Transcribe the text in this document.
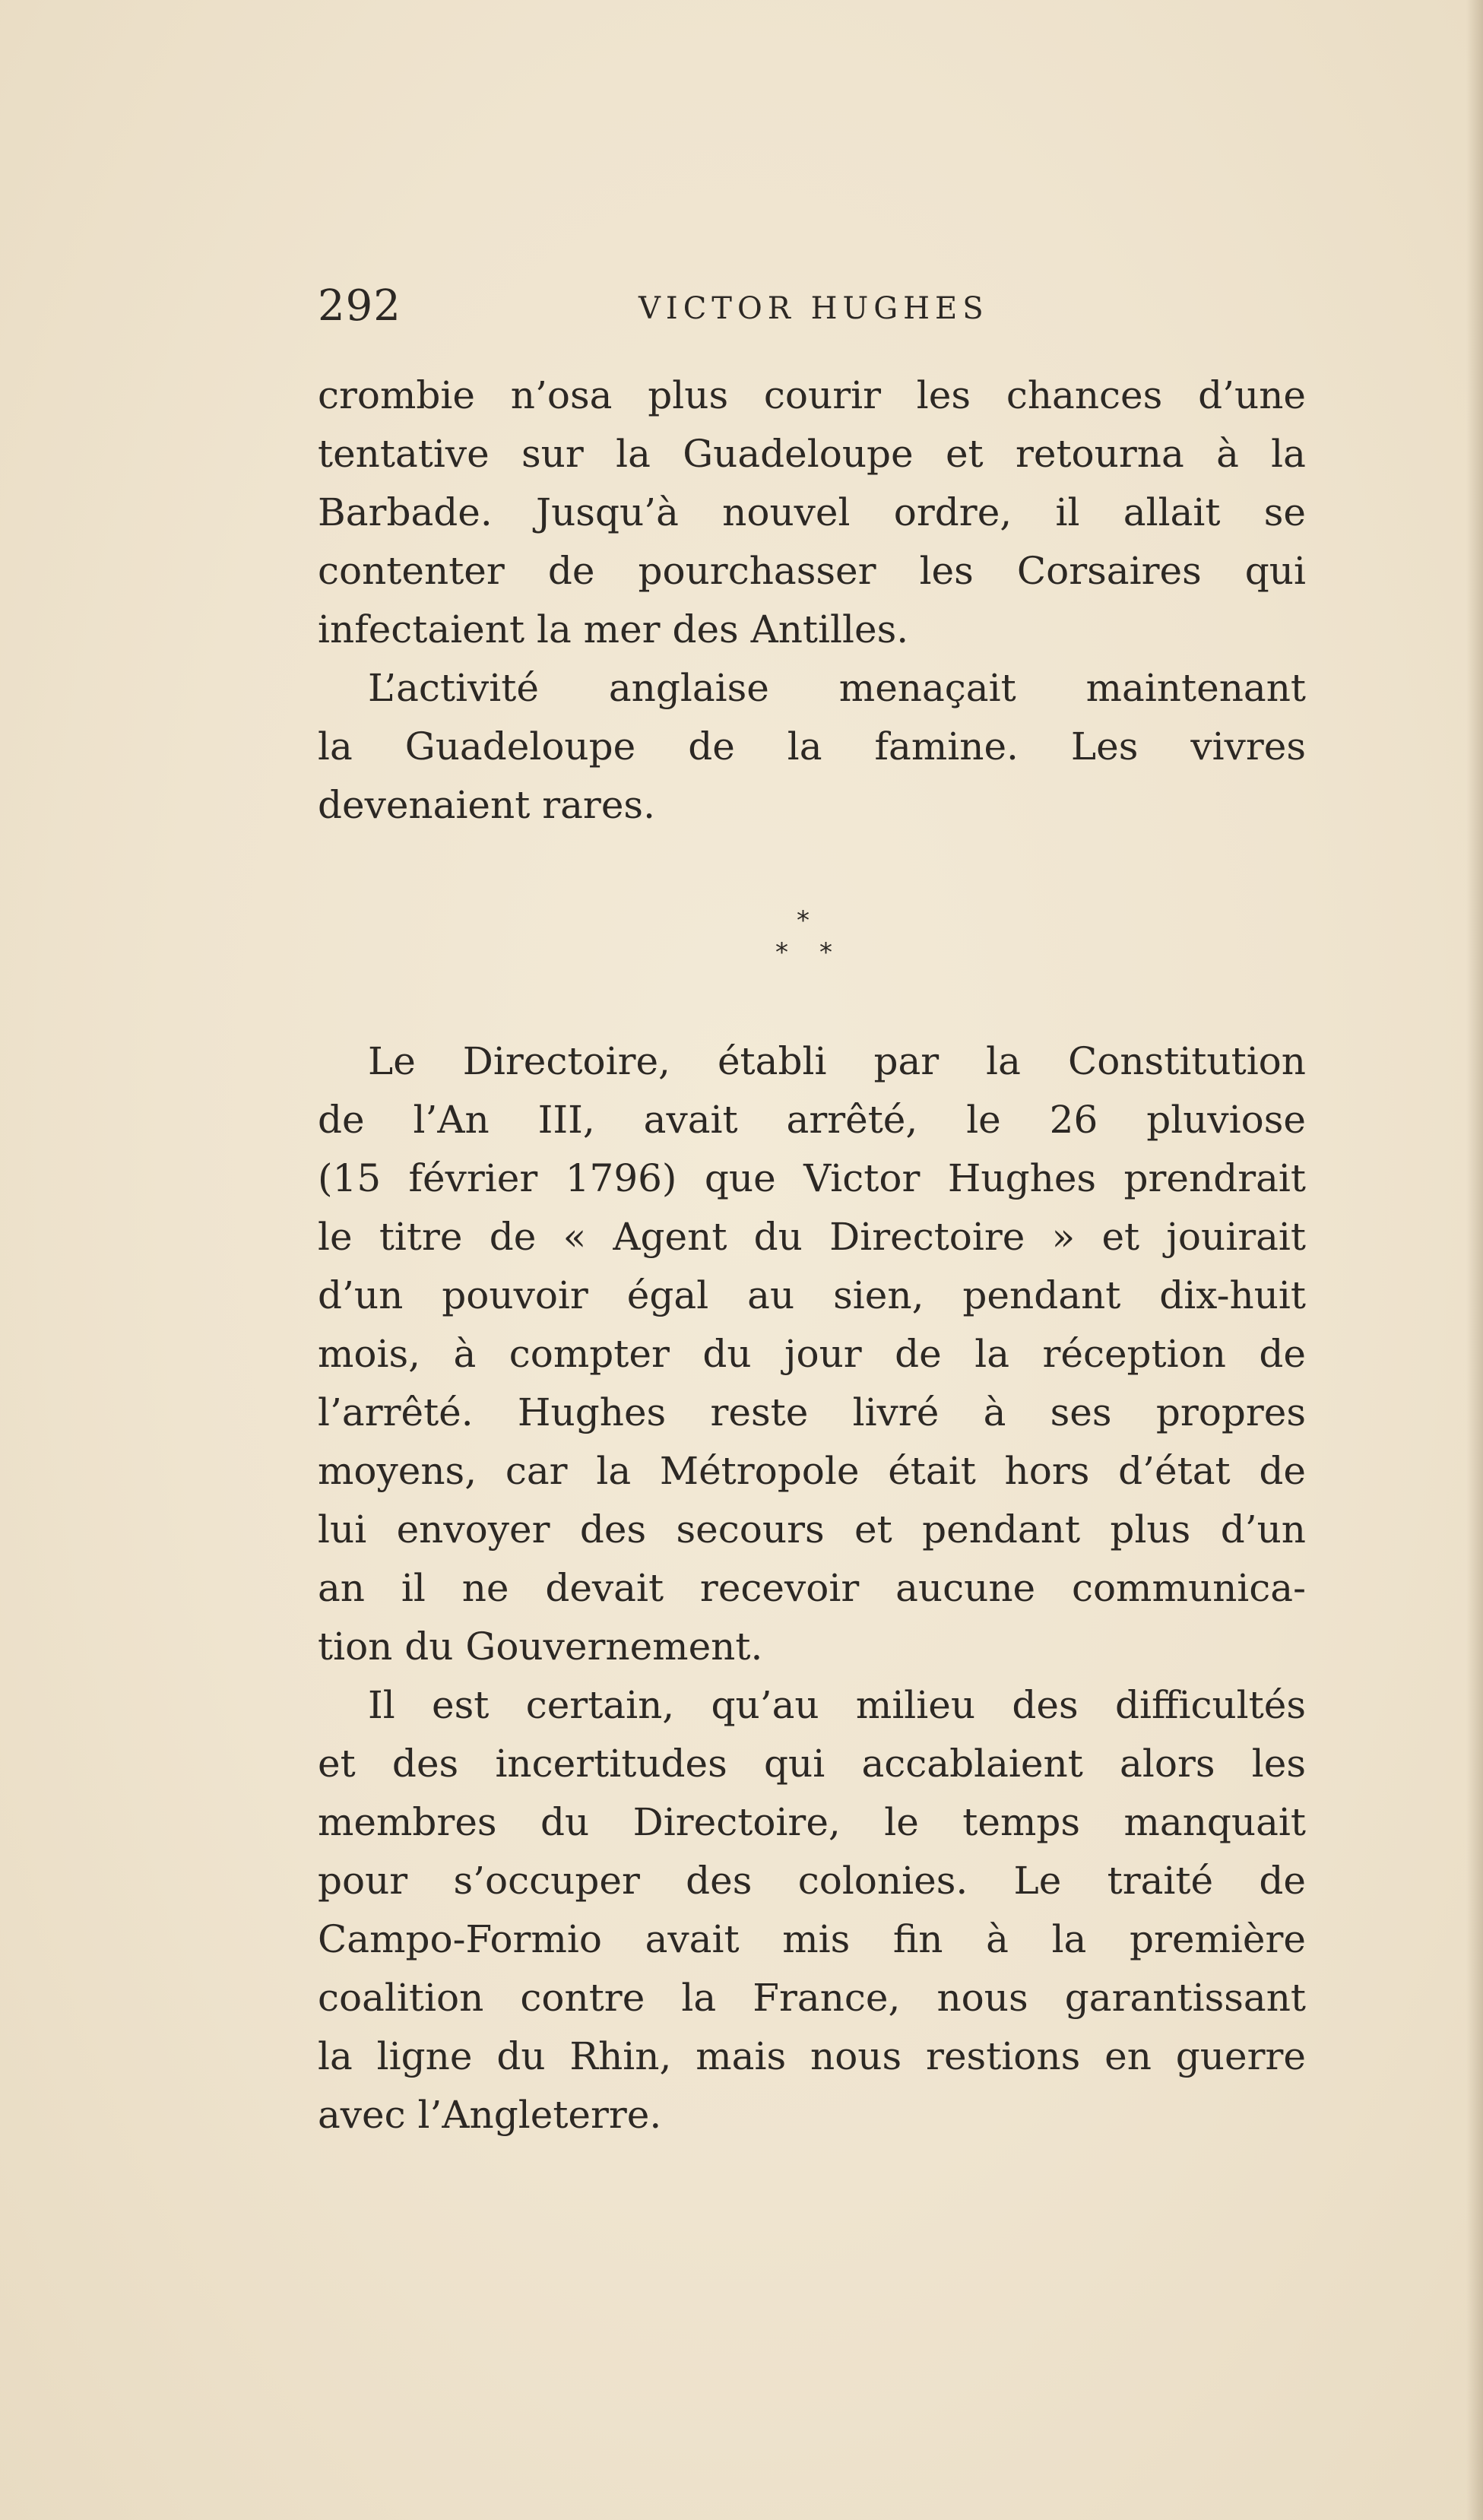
292	VICTOR HUGHES
crombie n’osa plus courir les chances d’une
tentative sur la Guadeloupe et retourna à la
Barbade. Jusqu’à nouvel ordre, il allait se
contenter de pourchasser les Corsaires qui
infectaient la mer des Antilles.
L’activité anglaise menaçait maintenant
la Guadeloupe de la famine. Les vivres
devenaient rares.
*
* *
Le Directoire, établi par la Constitution
de l’An III, avait arrêté, le 26 pluviose
(15 février 1796) que Victor Hughes prendrait
le titre de « Agent du Directoire » et jouirait
d’un pouvoir égal au sien, pendant dix-huit
mois, à compter du jour de la réception de
l’arrêté. Hughes reste livré à ses propres
moyens, car la Métropole était hors d’état de
lui envoyer des secours et pendant plus d’un
an il ne devait recevoir aucune communica-
tion du Gouvernement.
Il est certain, qu’au milieu des difficultés
et des incertitudes qui accablaient alors les
membres du Directoire, le temps manquait
pour s’occuper des colonies. Le traité de
Campo-Formio avait mis fin à la première
coalition contre la France, nous garantissant
la ligne du Rhin, mais nous restions en guerre
avec l’Angleterre.
